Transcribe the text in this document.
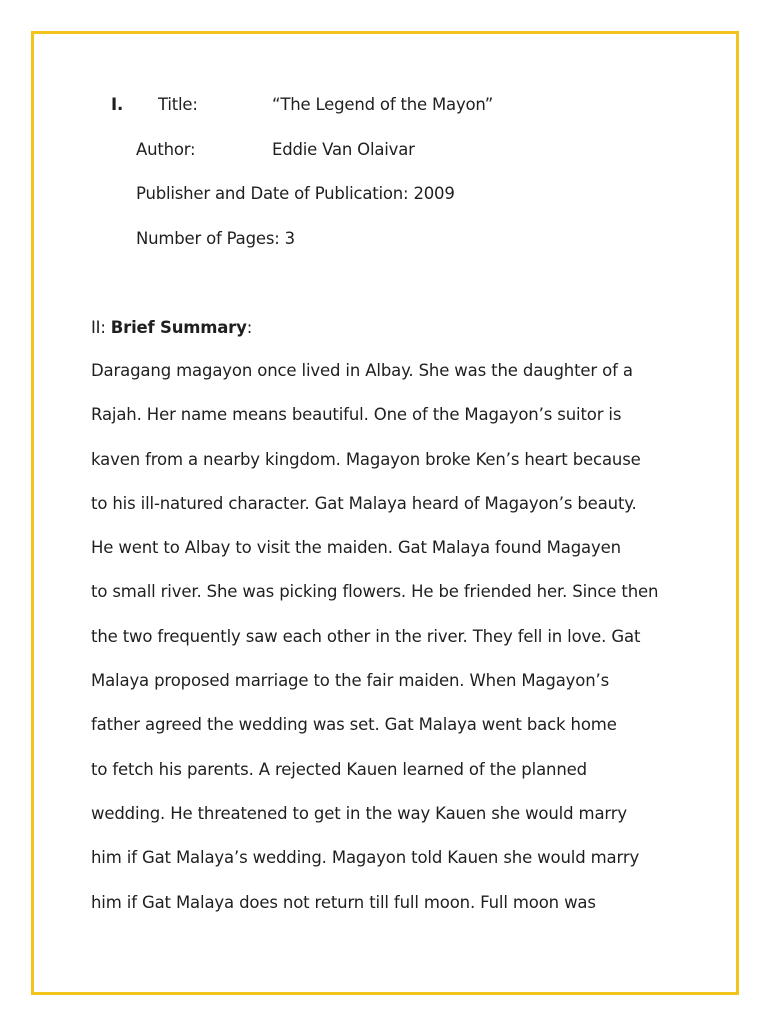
I. Title:	“The Legend of the Mayon”
Author:	Eddie Van Olaivar
Publisher and Date of Publication: 2009
Number of Pages: 3
II: Brief Summary:
Daragang magayon once lived in Albay. She was the daughter of a
Rajah. Her name means beautiful. One of the Magayon’s suitor is
kaven from a nearby kingdom. Magayon broke Ken’s heart because
to his ill-natured character. Gat Malaya heard of Magayon’s beauty.
He went to Albay to visit the maiden. Gat Malaya found Magayen
to small river. She was picking flowers. He be friended her. Since then
the two frequently saw each other in the river. They fell in love. Gat
Malaya proposed marriage to the fair maiden. When Magayon’s
father agreed the wedding was set. Gat Malaya went back home
to fetch his parents. A rejected Kauen learned of the planned
wedding. He threatened to get in the way Kauen she would marry
him if Gat Malaya’s wedding. Magayon told Kauen she would marry
him if Gat Malaya does not return till full moon. Full moon was
